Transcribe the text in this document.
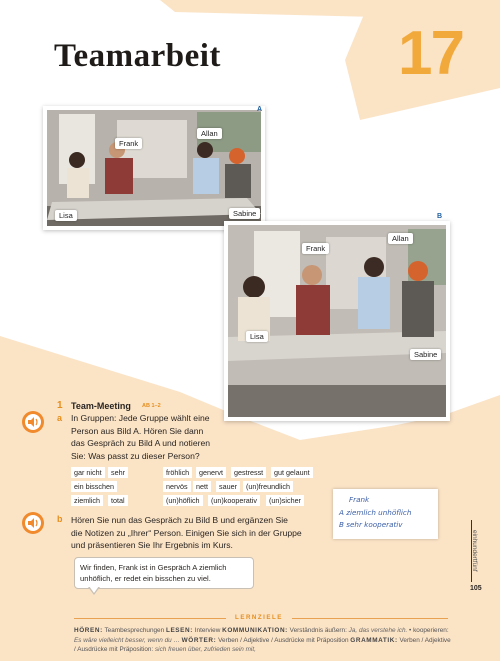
Teamarbeit	17
Frank
Allan
Lisa	Sabine
A
Frank
Allan
Lisa
Sabine
B
1 Team-Meeting AB 1–2
a In Gruppen: Jede Gruppe wählt eine
Person aus Bild A. Hören Sie dann
das Gespräch zu Bild A und notieren
Sie: Was passt zu dieser Person?
gar nicht	sehr
ein bisschen
ziemlich	total
fröhlich	genervt	gestresst	gut gelaunt
nervös	nett	sauer	(un)freundlich
(un)höflich	(un)kooperativ	(un)sicher	Frank
A ziemlich unhöflich
B sehr kooperativ
b Hören Sie nun das Gespräch zu Bild B und ergänzen Sie
die Notizen zu „Ihrer“ Person. Einigen Sie sich in der Gruppe
und präsentieren Sie Ihr Ergebnis im Kurs.
Wir finden, Frank ist in Gespräch A ziemlich
unhöflich, er redet ein bisschen zu viel.
einhundertfünf
105
LERNZIELE
HÖREN: Teambesprechungen LESEN: Interview KOMMUNIKATION: Verständnis äußern: Ja, das verstehe ich. • kooperieren: Es wäre vielleicht besser, wenn du … WÖRTER: Verben / Adjektive / Ausdrücke mit Präposition GRAMMATIK: Verben / Adjektive / Ausdrücke mit Präposition: sich freuen über, zufrieden sein mit,
